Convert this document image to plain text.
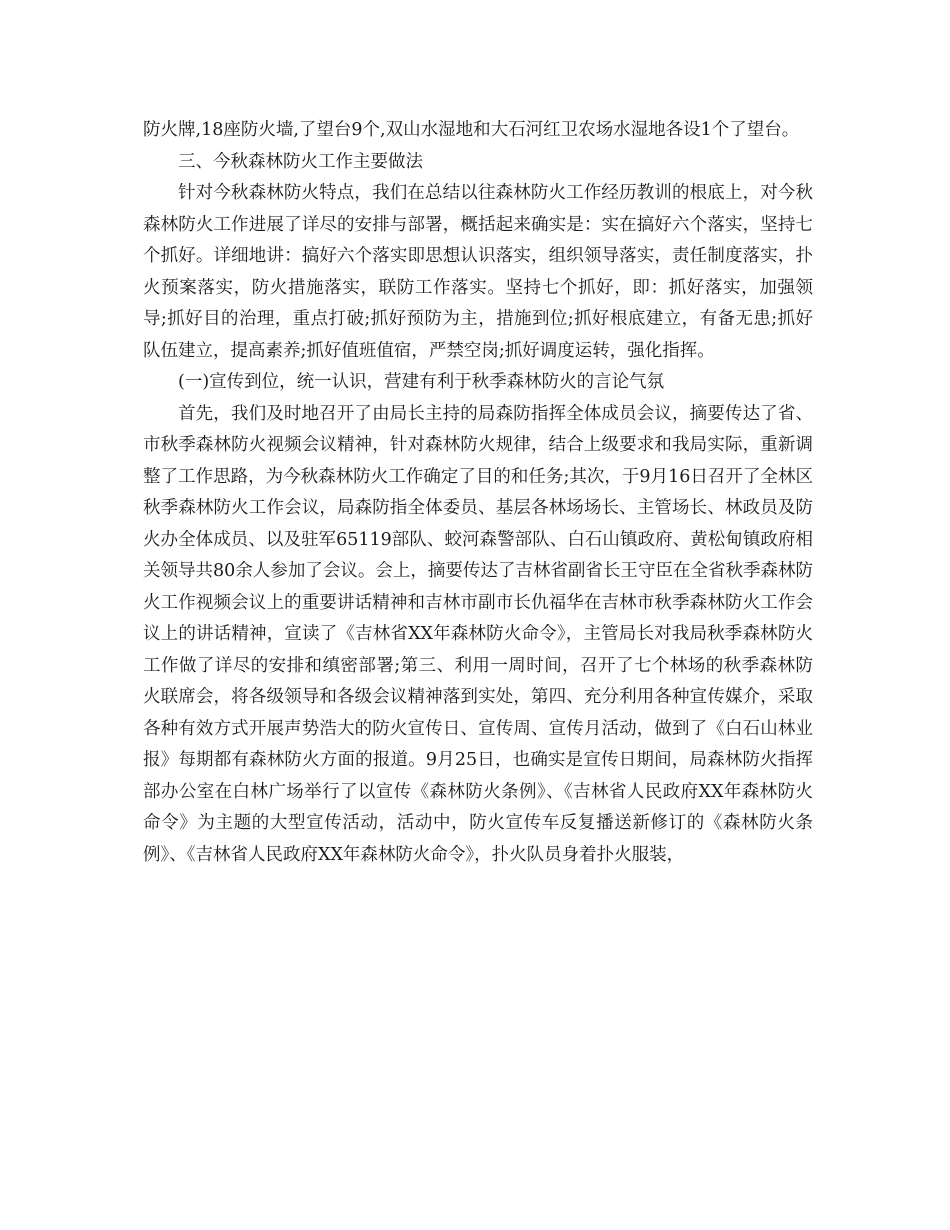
防火牌,18座防火墙,了望台9个,双山水湿地和大石河红卫农场水湿地各设1个了望台。

三、今秋森林防火工作主要做法

针对今秋森林防火特点，我们在总结以往森林防火工作经历教训的根底上，对今秋森林防火工作进展了详尽的安排与部署，概括起来确实是：实在搞好六个落实，坚持七个抓好。详细地讲：搞好六个落实即思想认识落实，组织领导落实，责任制度落实，扑火预案落实，防火措施落实，联防工作落实。坚持七个抓好，即：抓好落实，加强领导;抓好目的治理，重点打破;抓好预防为主，措施到位;抓好根底建立，有备无患;抓好队伍建立，提高素养;抓好值班值宿，严禁空岗;抓好调度运转，强化指挥。

(一)宣传到位，统一认识，营建有利于秋季森林防火的言论气氛

首先，我们及时地召开了由局长主持的局森防指挥全体成员会议，摘要传达了省、市秋季森林防火视频会议精神，针对森林防火规律，结合上级要求和我局实际，重新调整了工作思路，为今秋森林防火工作确定了目的和任务;其次，于9月16日召开了全林区秋季森林防火工作会议，局森防指全体委员、基层各林场场长、主管场长、林政员及防火办全体成员、以及驻军65119部队、蛟河森警部队、白石山镇政府、黄松甸镇政府相关领导共80余人参加了会议。会上，摘要传达了吉林省副省长王守臣在全省秋季森林防火工作视频会议上的重要讲话精神和吉林市副市长仇福华在吉林市秋季森林防火工作会议上的讲话精神，宣读了《吉林省XX年森林防火命令》，主管局长对我局秋季森林防火工作做了详尽的安排和缜密部署;第三、利用一周时间，召开了七个林场的秋季森林防火联席会，将各级领导和各级会议精神落到实处，第四、充分利用各种宣传媒介，采取各种有效方式开展声势浩大的防火宣传日、宣传周、宣传月活动，做到了《白石山林业报》每期都有森林防火方面的报道。9月25日，也确实是宣传日期间，局森林防火指挥部办公室在白林广场举行了以宣传《森林防火条例》、《吉林省人民政府XX年森林防火命令》为主题的大型宣传活动，活动中，防火宣传车反复播送新修订的《森林防火条例》、《吉林省人民政府XX年森林防火命令》，扑火队员身着扑火服装，
